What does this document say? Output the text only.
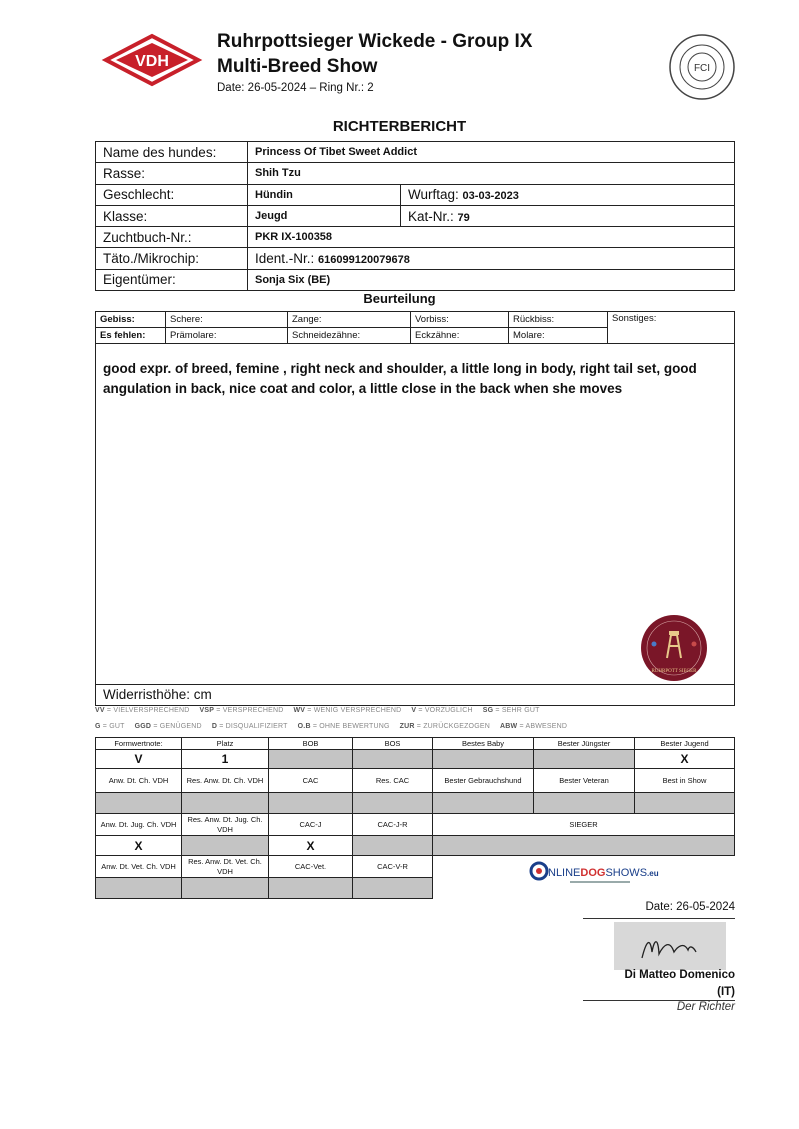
VDH
Ruhrpottsieger Wickede - Group IX
Multi-Breed Show
Date: 26-05-2024 – Ring Nr.: 2
FCI
RICHTERBERICHT
Name des hundes:	Princess Of Tibet Sweet Addict	
Rasse:	Shih Tzu	
Geschlecht:	Hündin	Wurftag: 03-03-2023
Klasse:	Jeugd	Kat-Nr.: 79
Zuchtbuch-Nr.:	PKR IX-100358	
Täto./Mikrochip:	Ident.-Nr.: 616099120079678	
Eigentümer:	Sonja Six (BE)	
Beurteilung
Gebiss:	Schere:	Zange:	Vorbiss:	Rückbiss:	Sonstiges:
Es fehlen:	Prämolare:	Schneidezähne:	Eckzähne:	Molare:	
good expr. of breed, femine , right neck and shoulder, a little long in body, right tail set, good angulation in back, nice coat and color, a little close in the back when she moves
RUHRPOTT SIEGER
Widerristhöhe: cm
VV = VIELVERSPRECHEND VSP = VERSPRECHEND WV = WENIG VERSPRECHEND V = VORZÜGLICH SG = SEHR GUT
G = GUT GGD = GENÜGEND D = DISQUALIFIZIERT O.B = OHNE BEWERTUNG ZUR = ZURÜCKGEZOGEN ABW = ABWESEND
Formwertnote:	Platz	BOB	BOS	Bestes Baby	Bester Jüngster	Bester Jugend
V	1					X
Anw. Dt. Ch. VDH	Res. Anw. Dt. Ch. VDH	CAC	Res. CAC	Bester Gebrauchshund	Bester Veteran	Best in Show

Anw. Dt. Jug. Ch. VDH	Res. Anw. Dt. Jug. Ch. VDH	CAC-J	CAC-J-R	SIEGER		
X		X				
Anw. Dt. Vet. Ch. VDH	Res. Anw. Dt. Vet. Ch. VDH	CAC-Vet.	CAC-V-R			

NLINEDOGSHOWS.eu
Date: 26-05-2024
Di Matteo Domenico
(IT)
Der Richter
